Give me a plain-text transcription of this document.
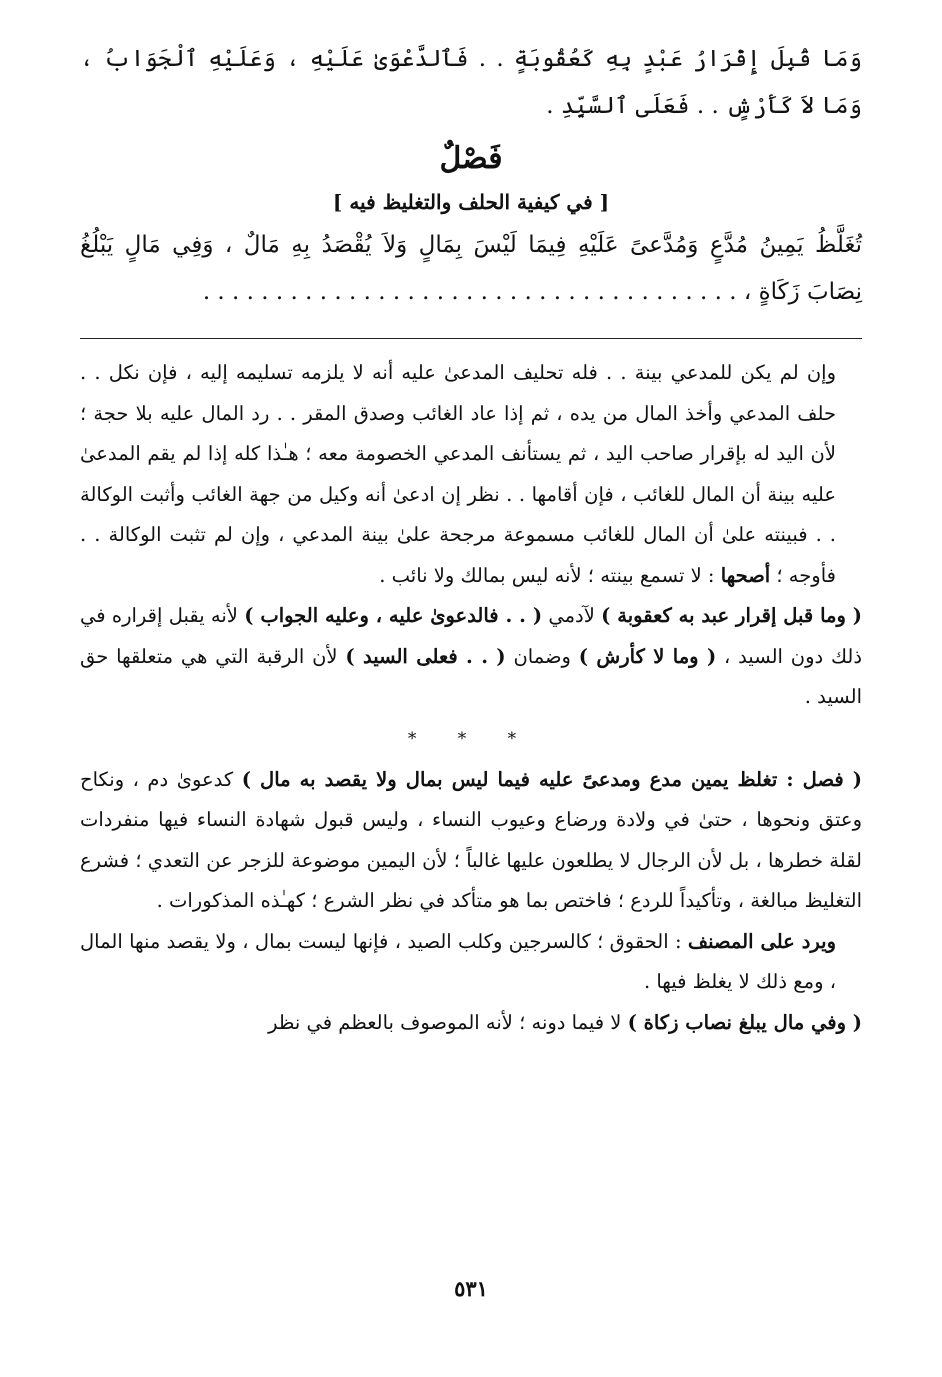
وَمَا قُبِلَ إِقْرَارُ عَبْدٍ بِهِ كَعُقُوبَةٍ . . فَٱلدَّعْوَىٰ عَلَيْهِ ، وَعَلَيْهِ ٱلْجَوَابُ ، وَمَا لاَ كَأَرْشٍ . . فَعَلَى ٱلسَّيِّدِ .

فَصْلٌ
[ في كيفية الحلف والتغليظ فيه ]

تُغَلَّظُ يَمِينُ مُدَّعٍ وَمُدَّعىً عَلَيْهِ فِيمَا لَيْسَ بِمَالٍ وَلاَ يُقْصَدُ بِهِ مَالٌ ، وَفِي مَالٍ يَبْلُغُ نِصَابَ زَكَاةٍ ، . . . . . . . . . . . . . . . . . . . . . . . . . . . . . . . . . . . . .

وإن لم يكن للمدعي بينة . . فله تحليف المدعىٰ عليه أنه لا يلزمه تسليمه إليه ، فإن نكل . . حلف المدعي وأخذ المال من يده ، ثم إذا عاد الغائب وصدق المقر . . رد المال عليه بلا حجة ؛ لأن اليد له بإقرار صاحب اليد ، ثم يستأنف المدعي الخصومة معه ؛ هـٰذا كله إذا لم يقم المدعىٰ عليه بينة أن المال للغائب ، فإن أقامها . . نظر إن ادعىٰ أنه وكيل من جهة الغائب وأثبت الوكالة . . فبينته علىٰ أن المال للغائب مسموعة مرجحة علىٰ بينة المدعي ، وإن لم تثبت الوكالة . . فأوجه ؛ أصحها : لا تسمع بينته ؛ لأنه ليس بمالك ولا نائب .

( وما قبل إقرار عبد به كعقوبة ) لآدمي ( . . فالدعوىٰ عليه ، وعليه الجواب ) لأنه يقبل إقراره في ذلك دون السيد ، ( وما لا كأرش ) وضمان ( . . فعلى السيد ) لأن الرقبة التي هي متعلقها حق السيد .

* * *

( فصل : تغلظ يمين مدع ومدعىً عليه فيما ليس بمال ولا يقصد به مال ) كدعوىٰ دم ، ونكاح وعتق ونحوها ، حتىٰ في ولادة ورضاع وعيوب النساء ، وليس قبول شهادة النساء فيها منفردات لقلة خطرها ، بل لأن الرجال لا يطلعون عليها غالباً ؛ لأن اليمين موضوعة للزجر عن التعدي ؛ فشرع التغليظ مبالغة ، وتأكيداً للردع ؛ فاختص بما هو متأكد في نظر الشرع ؛ كهـٰذه المذكورات .

ويرد على المصنف : الحقوق ؛ كالسرجين وكلب الصيد ، فإنها ليست بمال ، ولا يقصد منها المال ، ومع ذلك لا يغلظ فيها .

( وفي مال يبلغ نصاب زكاة ) لا فيما دونه ؛ لأنه الموصوف بالعظم في نظر

٥٣١
